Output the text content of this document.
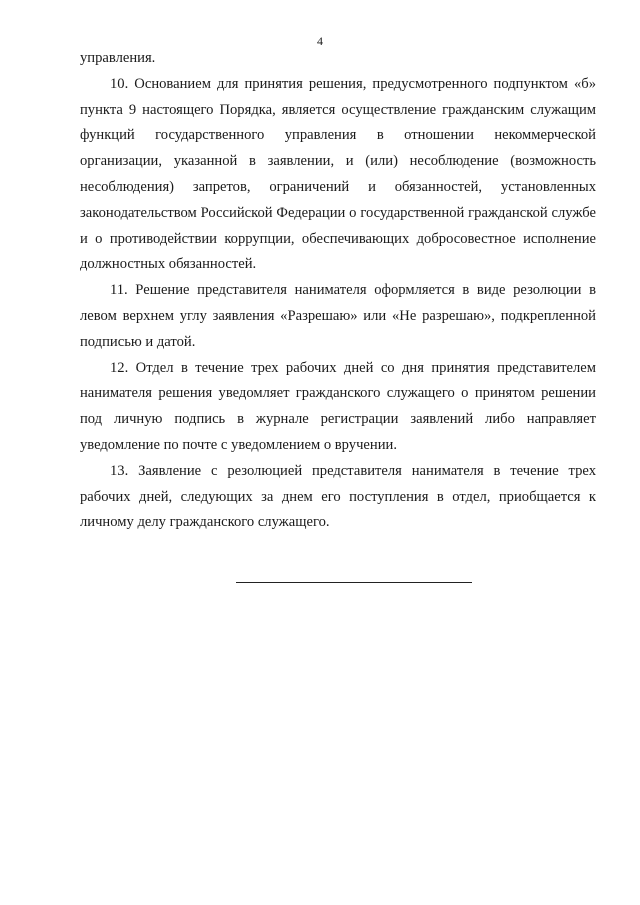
4

управления.

10. Основанием для принятия решения, предусмотренного подпунктом «б» пункта 9 настоящего Порядка, является осуществление гражданским служащим функций государственного управления в отношении некоммерческой организации, указанной в заявлении, и (или) несоблюдение (возможность несоблюдения) запретов, ограничений и обязанностей, установленных законодательством Российской Федерации о государственной гражданской службе и о противодействии коррупции, обеспечивающих добросовестное исполнение должностных обязанностей.

11. Решение представителя нанимателя оформляется в виде резолюции в левом верхнем углу заявления «Разрешаю» или «Не разрешаю», подкрепленной подписью и датой.

12. Отдел в течение трех рабочих дней со дня принятия представителем нанимателя решения уведомляет гражданского служащего о принятом решении под личную подпись в журнале регистрации заявлений либо направляет уведомление по почте с уведомлением о вручении.

13. Заявление с резолюцией представителя нанимателя в течение трех рабочих дней, следующих за днем его поступления в отдел, приобщается к личному делу гражданского служащего.
